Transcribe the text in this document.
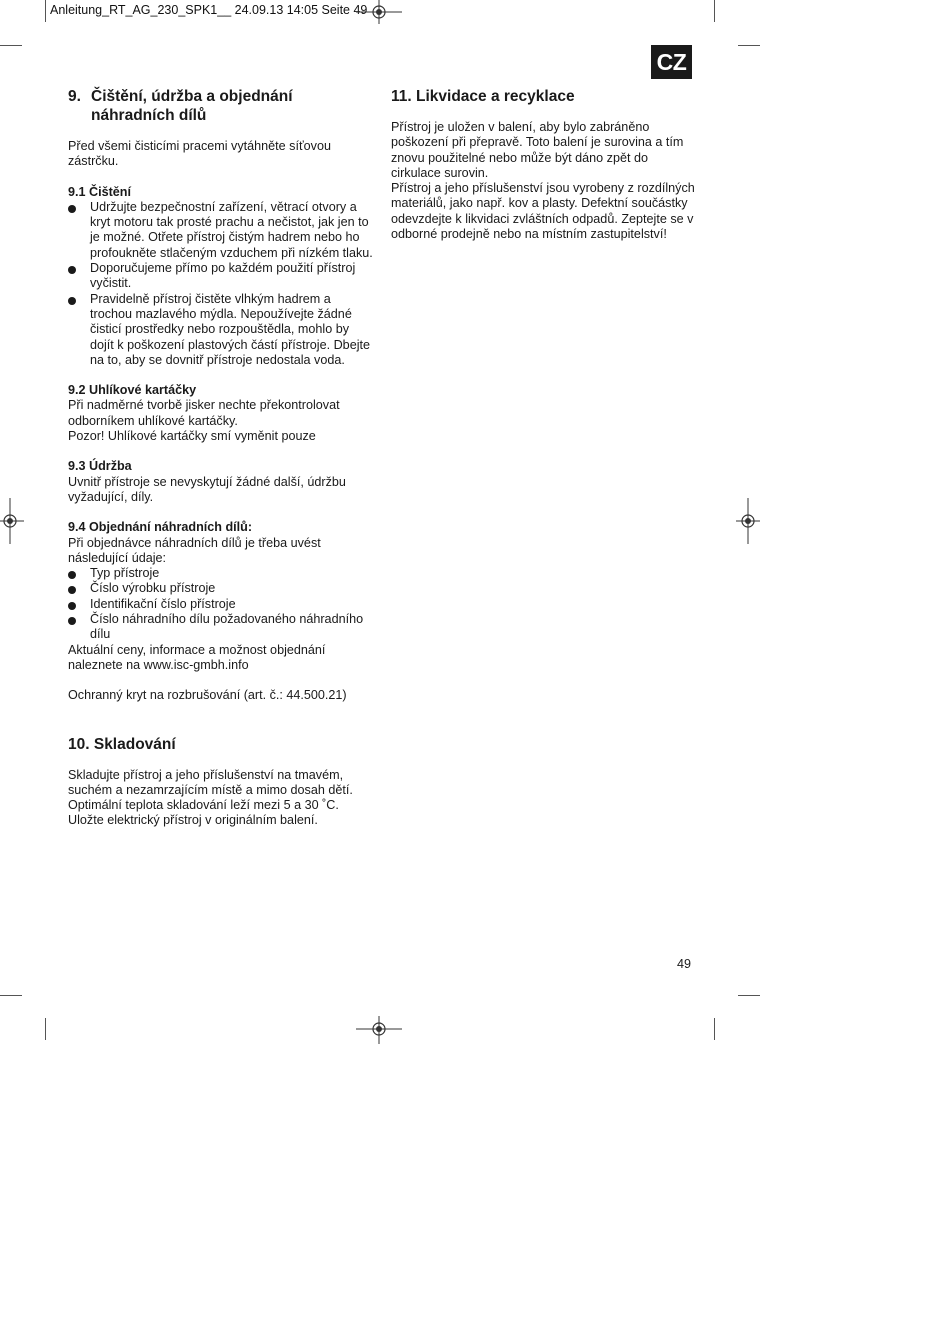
Anleitung_RT_AG_230_SPK1__ 24.09.13 14:05 Seite 49
CZ
9. Čištění, údržba a objednání náhradních dílů

Před všemi čisticími pracemi vytáhněte síťovou zástrčku.

9.1 Čištění
Udržujte bezpečnostní zařízení, větrací otvory a kryt motoru tak prosté prachu a nečistot, jak jen to je možné. Otřete přístroj čistým hadrem nebo ho profoukněte stlačeným vzduchem při nízkém tlaku.
Doporučujeme přímo po každém použití přístroj vyčistit.
Pravidelně přístroj čistěte vlhkým hadrem a trochou mazlavého mýdla. Nepoužívejte žádné čisticí prostředky nebo rozpouštědla, mohlo by dojít k poškození plastových částí přístroje. Dbejte na to, aby se dovnitř přístroje nedostala voda.
9.2 Uhlíkové kartáčky

Při nadměrné tvorbě jisker nechte překontrolovat odborníkem uhlíkové kartáčky.

Pozor! Uhlíkové kartáčky smí vyměnit pouze

9.3 Údržba

Uvnitř přístroje se nevyskytují žádné další, údržbu vyžadující, díly.

9.4 Objednání náhradních dílů:

Při objednávce náhradních dílů je třeba uvést následující údaje:

Typ přístroje
Číslo výrobku přístroje
Identifikační číslo přístroje
Číslo náhradního dílu požadovaného náhradního dílu

Aktuální ceny, informace a možnost objednání naleznete na www.isc-gmbh.info

Ochranný kryt na rozbrušování (art. č.: 44.500.21)

10. Skladování

Skladujte přístroj a jeho příslušenství na tmavém, suchém a nezamrzajícím místě a mimo dosah dětí. Optimální teplota skladování leží mezi 5 a 30 ˚C. Uložte elektrický přístroj v originálním balení.

11. Likvidace a recyklace

Přístroj je uložen v balení, aby bylo zabráněno poškození při přepravě. Toto balení je surovina a tím znovu použitelné nebo může být dáno zpět do cirkulace surovin.

Přístroj a jeho příslušenství jsou vyrobeny z rozdílných materiálů, jako např. kov a plasty. Defektní součástky odevzdejte k likvidaci zvláštních odpadů. Zeptejte se v odborné prodejně nebo na místním zastupitelství!

49
